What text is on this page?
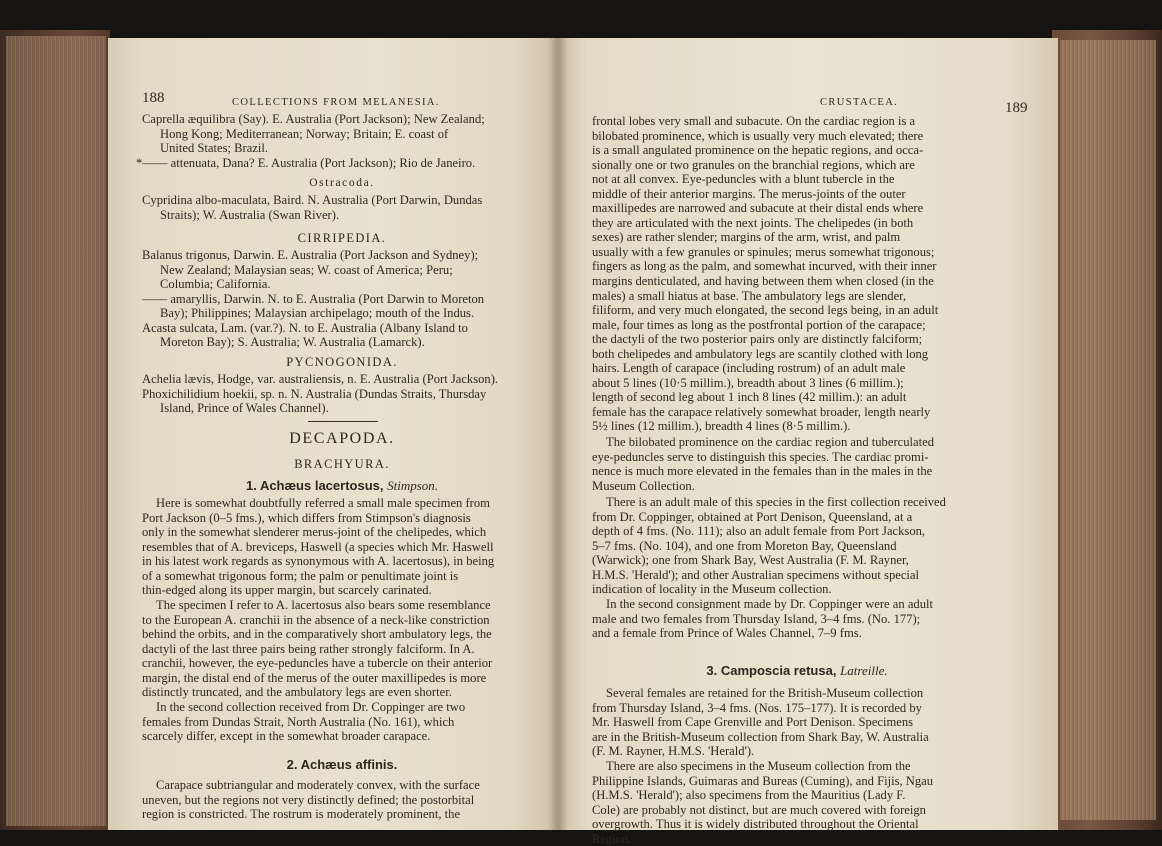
188	COLLECTIONS FROM MELANESIA.
Caprella æquilibra (Say). E. Australia (Port Jackson); New Zealand;
Hong Kong; Mediterranean; Norway; Britain; E. coast of
United States; Brazil.
*—— attenuata, Dana? E. Australia (Port Jackson); Rio de Janeiro.
Ostracoda.
Cypridina albo-maculata, Baird. N. Australia (Port Darwin, Dundas
Straits); W. Australia (Swan River).
CIRRIPEDIA.
Balanus trigonus, Darwin. E. Australia (Port Jackson and Sydney);
New Zealand; Malaysian seas; W. coast of America; Peru;
Columbia; California.
—— amaryllis, Darwin. N. to E. Australia (Port Darwin to Moreton
Bay); Philippines; Malaysian archipelago; mouth of the Indus.
Acasta sulcata, Lam. (var.?). N. to E. Australia (Albany Island to
Moreton Bay); S. Australia; W. Australia (Lamarck).
PYCNOGONIDA.
Achelia lævis, Hodge, var. australiensis, n. E. Australia (Port Jackson).
Phoxichilidium hoekii, sp. n. N. Australia (Dundas Straits, Thursday
Island, Prince of Wales Channel).
DECAPODA.
BRACHYURA.
1. Achæus lacertosus, Stimpson.
Here is somewhat doubtfully referred a small male specimen from
Port Jackson (0–5 fms.), which differs from Stimpson's diagnosis
only in the somewhat slenderer merus-joint of the chelipedes, which
resembles that of A. breviceps, Haswell (a species which Mr. Haswell
in his latest work regards as synonymous with A. lacertosus), in being
of a somewhat trigonous form; the palm or penultimate joint is
thin-edged along its upper margin, but scarcely carinated.
The specimen I refer to A. lacertosus also bears some resemblance
to the European A. cranchii in the absence of a neck-like constriction
behind the orbits, and in the comparatively short ambulatory legs, the
dactyli of the last three pairs being rather strongly falciform. In A.
cranchii, however, the eye-peduncles have a tubercle on their anterior
margin, the distal end of the merus of the outer maxillipedes is more
distinctly truncated, and the ambulatory legs are even shorter.
In the second collection received from Dr. Coppinger are two
females from Dundas Strait, North Australia (No. 161), which
scarcely differ, except in the somewhat broader carapace.
2. Achæus affinis.
Carapace subtriangular and moderately convex, with the surface
uneven, but the regions not very distinctly defined; the postorbital
region is constricted. The rostrum is moderately prominent, the
CRUSTACEA.	189
frontal lobes very small and subacute. On the cardiac region is a
bilobated prominence, which is usually very much elevated; there
is a small angulated prominence on the hepatic regions, and occa-
sionally one or two granules on the branchial regions, which are
not at all convex. Eye-peduncles with a blunt tubercle in the
middle of their anterior margins. The merus-joints of the outer
maxillipedes are narrowed and subacute at their distal ends where
they are articulated with the next joints. The chelipedes (in both
sexes) are rather slender; margins of the arm, wrist, and palm
usually with a few granules or spinules; merus somewhat trigonous;
fingers as long as the palm, and somewhat incurved, with their inner
margins denticulated, and having between them when closed (in the
males) a small hiatus at base. The ambulatory legs are slender,
filiform, and very much elongated, the second legs being, in an adult
male, four times as long as the postfrontal portion of the carapace;
the dactyli of the two posterior pairs only are distinctly falciform;
both chelipedes and ambulatory legs are scantily clothed with long
hairs. Length of carapace (including rostrum) of an adult male
about 5 lines (10·5 millim.), breadth about 3 lines (6 millim.);
length of second leg about 1 inch 8 lines (42 millim.): an adult
female has the carapace relatively somewhat broader, length nearly
5½ lines (12 millim.), breadth 4 lines (8·5 millim.).
The bilobated prominence on the cardiac region and tuberculated
eye-peduncles serve to distinguish this species. The cardiac promi-
nence is much more elevated in the females than in the males in the
Museum Collection.
There is an adult male of this species in the first collection received
from Dr. Coppinger, obtained at Port Denison, Queensland, at a
depth of 4 fms. (No. 111); also an adult female from Port Jackson,
5–7 fms. (No. 104), and one from Moreton Bay, Queensland
(Warwick); one from Shark Bay, West Australia (F. M. Rayner,
H.M.S. 'Herald'); and other Australian specimens without special
indication of locality in the Museum collection.
In the second consignment made by Dr. Coppinger were an adult
male and two females from Thursday Island, 3–4 fms. (No. 177);
and a female from Prince of Wales Channel, 7–9 fms.
3. Camposcia retusa, Latreille.
Several females are retained for the British-Museum collection
from Thursday Island, 3–4 fms. (Nos. 175–177). It is recorded by
Mr. Haswell from Cape Grenville and Port Denison. Specimens
are in the British-Museum collection from Shark Bay, W. Australia
(F. M. Rayner, H.M.S. 'Herald').
There are also specimens in the Museum collection from the
Philippine Islands, Guimaras and Bureas (Cuming), and Fijis, Ngau
(H.M.S. 'Herald'); also specimens from the Mauritius (Lady F.
Cole) are probably not distinct, but are much covered with foreign
overgrowth. Thus it is widely distributed throughout the Oriental
Region.
